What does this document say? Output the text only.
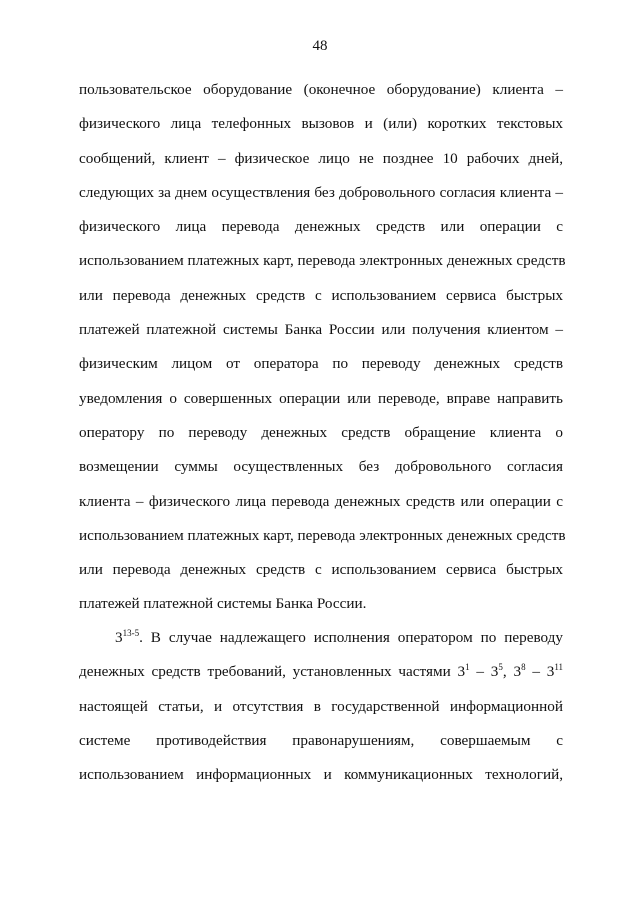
48
пользовательское оборудование (оконечное оборудование) клиента –
физического лица телефонных вызовов и (или) коротких текстовых
сообщений, клиент – физическое лицо не позднее 10 рабочих дней,
следующих за днем осуществления без добровольного согласия клиента –
физического лица перевода денежных средств или операции с
использованием платежных карт, перевода электронных денежных средств
или перевода денежных средств с использованием сервиса быстрых
платежей платежной системы Банка России или получения клиентом –
физическим лицом от оператора по переводу денежных средств
уведомления о совершенных операции или переводе, вправе направить
оператору по переводу денежных средств обращение клиента о
возмещении суммы осуществленных без добровольного согласия
клиента – физического лица перевода денежных средств или операции с
использованием платежных карт, перевода электронных денежных средств
или перевода денежных средств с использованием сервиса быстрых
платежей платежной системы Банка России.
3$^{13-5}$. В случае надлежащего исполнения оператором по переводу
денежных средств требований, установленных частями $3^1 - 3^5$, $3^8 - 3^{11}$
настоящей статьи, и отсутствия в государственной информационной
системе противодействия правонарушениям, совершаемым с
использованием информационных и коммуникационных технологий,
